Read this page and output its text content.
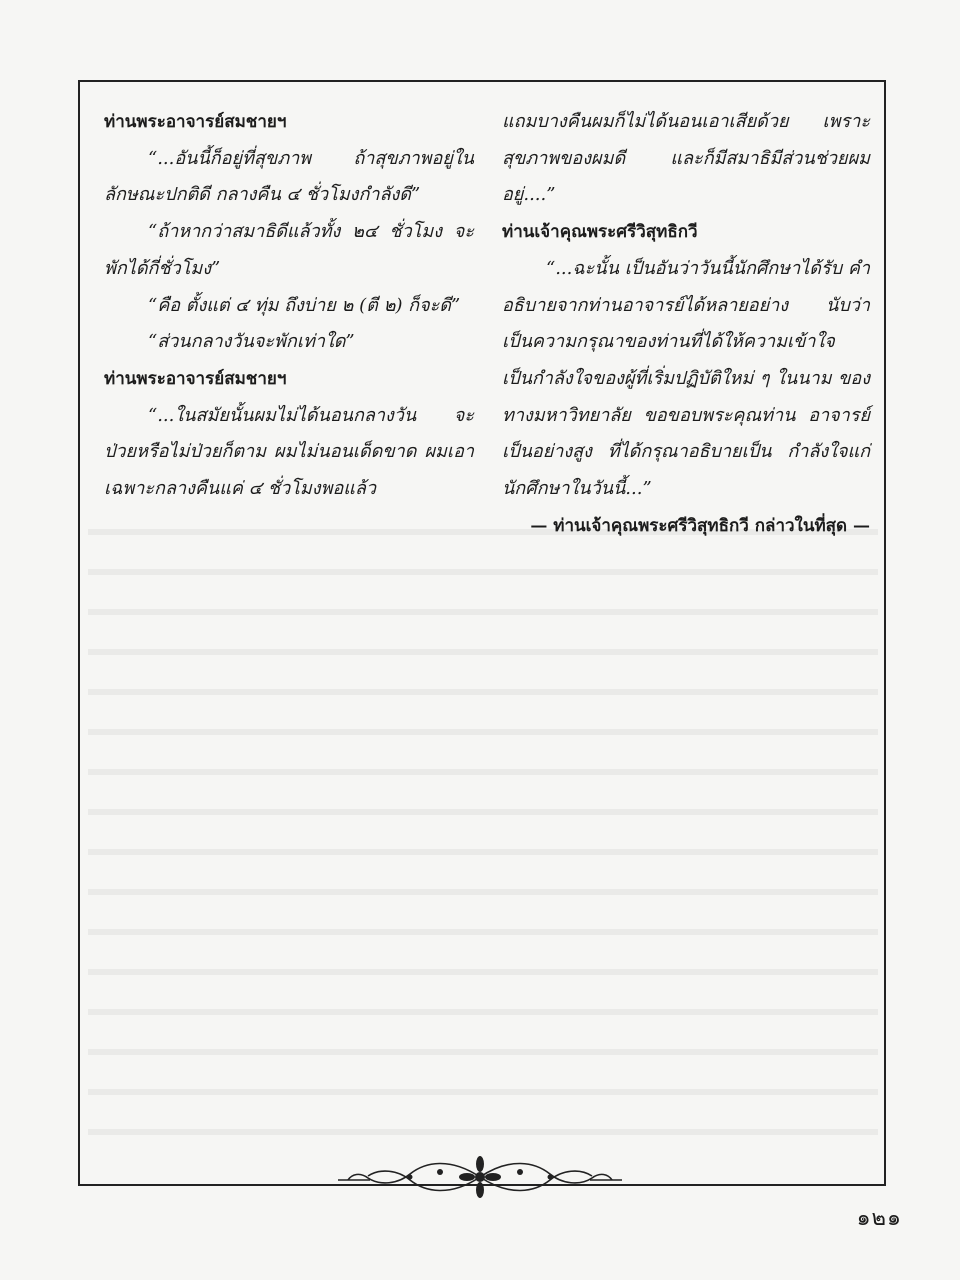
ท่านพระอาจารย์สมชายฯ

“...อันนี้ก็อยู่ที่สุขภาพ ถ้าสุขภาพอยู่ใน ลักษณะปกติดี กลางคืน ๔ ชั่วโมงกำลังดี”

“ถ้าหากว่าสมาธิดีแล้วทั้ง ๒๔ ชั่วโมง จะพักได้กี่ชั่วโมง”

“คือ ตั้งแต่ ๔ ทุ่ม ถึงบ่าย ๒ (ตี ๒) ก็จะดี”

“ส่วนกลางวันจะพักเท่าใด”

ท่านพระอาจารย์สมชายฯ

“...ในสมัยนั้นผมไม่ได้นอนกลางวัน จะป่วยหรือไม่ป่วยก็ตาม ผมไม่นอนเด็ดขาด ผมเอาเฉพาะกลางคืนแค่ ๔ ชั่วโมงพอแล้ว

แถมบางคืนผมก็ไม่ได้นอนเอาเสียด้วย เพราะ สุขภาพของผมดี และก็มีสมาธิมีส่วนช่วยผม อยู่....”

ท่านเจ้าคุณพระศรีวิสุทธิกวี

“...ฉะนั้น เป็นอันว่าวันนี้นักศึกษาได้รับ คำอธิบายจากท่านอาจารย์ได้หลายอย่าง นับว่า เป็นความกรุณาของท่านที่ได้ให้ความเข้าใจ เป็นกำลังใจของผู้ที่เริ่มปฏิบัติใหม่ ๆ ในนาม ของทางมหาวิทยาลัย ขอขอบพระคุณท่าน อาจารย์เป็นอย่างสูง ที่ได้กรุณาอธิบายเป็น กำลังใจแก่นักศึกษาในวันนี้...”

— ท่านเจ้าคุณพระศรีวิสุทธิกวี กล่าวในที่สุด —

๑๒๑
